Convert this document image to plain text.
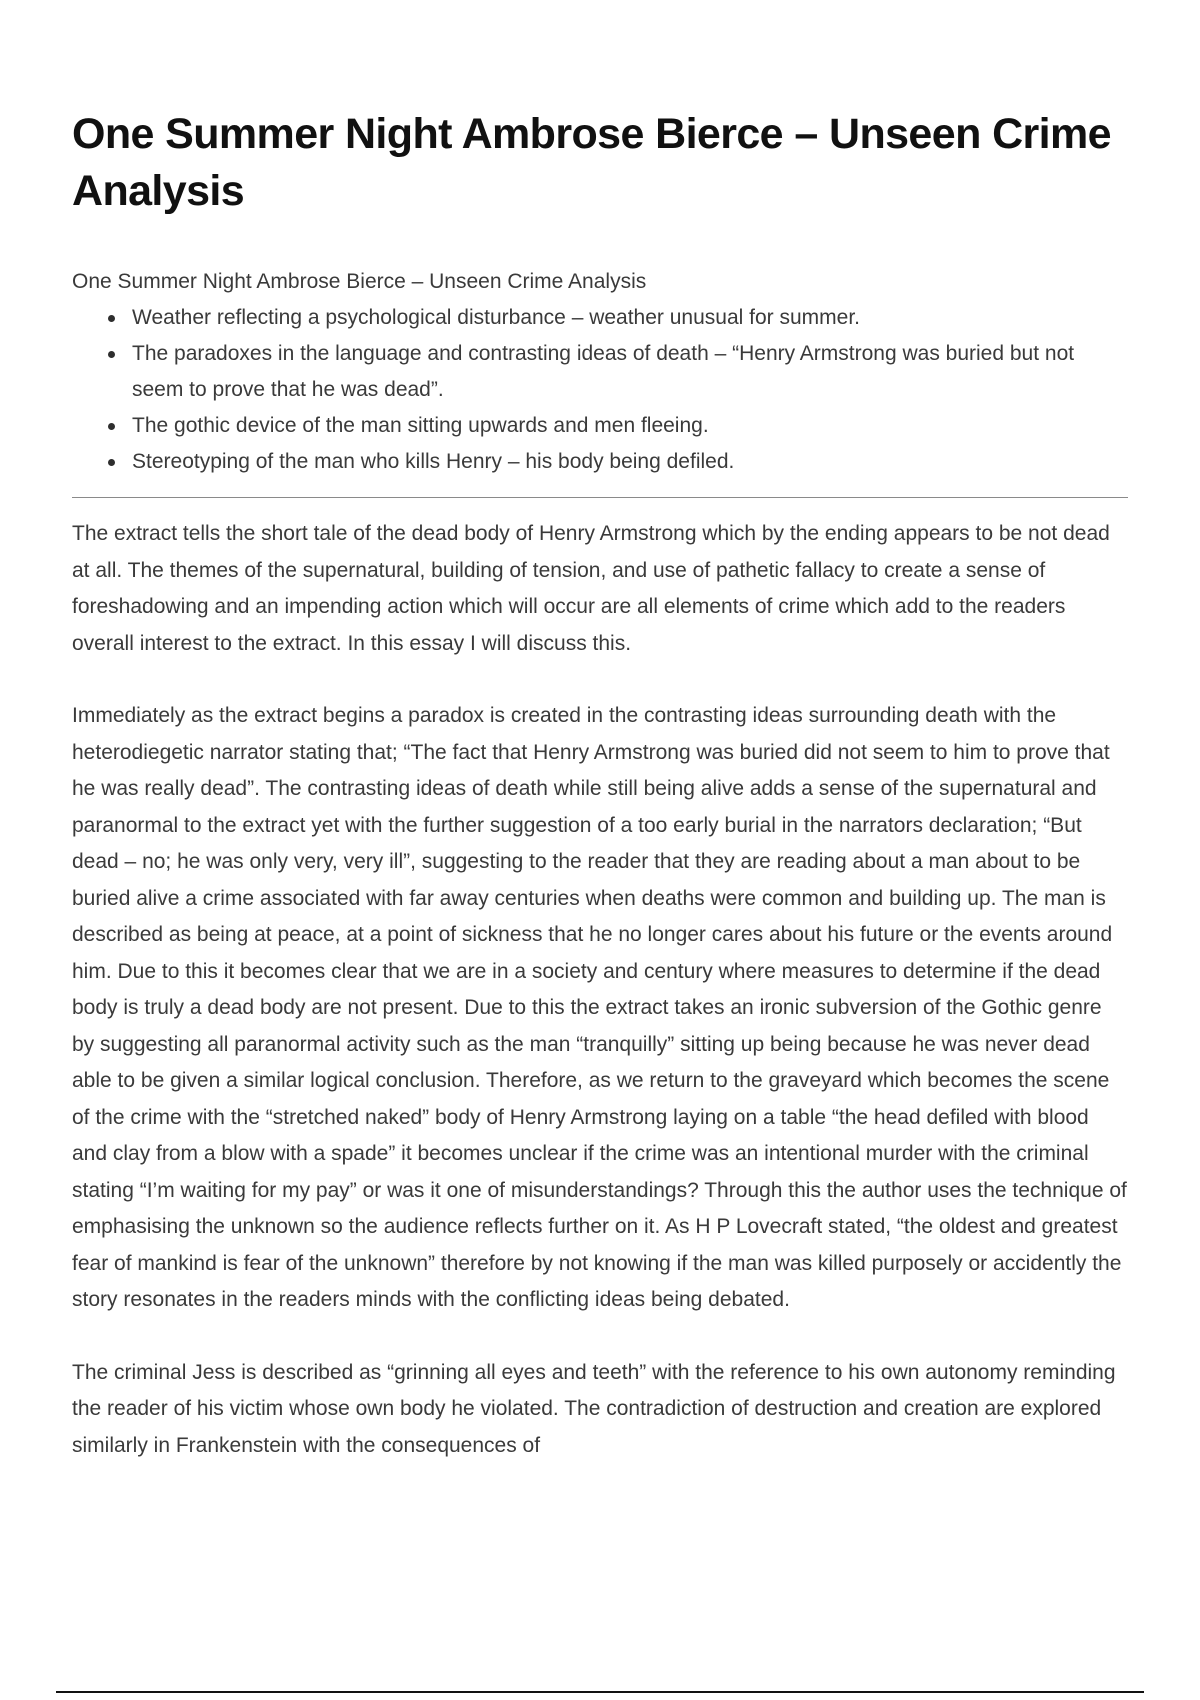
One Summer Night Ambrose Bierce – Unseen Crime Analysis
One Summer Night Ambrose Bierce – Unseen Crime Analysis
Weather reflecting a psychological disturbance – weather unusual for summer.
The paradoxes in the language and contrasting ideas of death – “Henry Armstrong was buried but not seem to prove that he was dead”.
The gothic device of the man sitting upwards and men fleeing.
Stereotyping of the man who kills Henry – his body being defiled.

The extract tells the short tale of the dead body of Henry Armstrong which by the ending appears to be not dead at all. The themes of the supernatural, building of tension, and use of pathetic fallacy to create a sense of foreshadowing and an impending action which will occur are all elements of crime which add to the readers overall interest to the extract. In this essay I will discuss this.

Immediately as the extract begins a paradox is created in the contrasting ideas surrounding death with the heterodiegetic narrator stating that; “The fact that Henry Armstrong was buried did not seem to him to prove that he was really dead”. The contrasting ideas of death while still being alive adds a sense of the supernatural and paranormal to the extract yet with the further suggestion of a too early burial in the narrators declaration; “But dead – no; he was only very, very ill”, suggesting to the reader that they are reading about a man about to be buried alive a crime associated with far away centuries when deaths were common and building up. The man is described as being at peace, at a point of sickness that he no longer cares about his future or the events around him. Due to this it becomes clear that we are in a society and century where measures to determine if the dead body is truly a dead body are not present. Due to this the extract takes an ironic subversion of the Gothic genre by suggesting all paranormal activity such as the man “tranquilly” sitting up being because he was never dead able to be given a similar logical conclusion. Therefore, as we return to the graveyard which becomes the scene of the crime with the “stretched naked” body of Henry Armstrong laying on a table “the head defiled with blood and clay from a blow with a spade” it becomes unclear if the crime was an intentional murder with the criminal stating “I’m waiting for my pay” or was it one of misunderstandings? Through this the author uses the technique of emphasising the unknown so the audience reflects further on it. As H P Lovecraft stated, “the oldest and greatest fear of mankind is fear of the unknown” therefore by not knowing if the man was killed purposely or accidently the story resonates in the readers minds with the conflicting ideas being debated.

The criminal Jess is described as “grinning all eyes and teeth” with the reference to his own autonomy reminding the reader of his victim whose own body he violated. The contradiction of destruction and creation are explored similarly in Frankenstein with the consequences of
